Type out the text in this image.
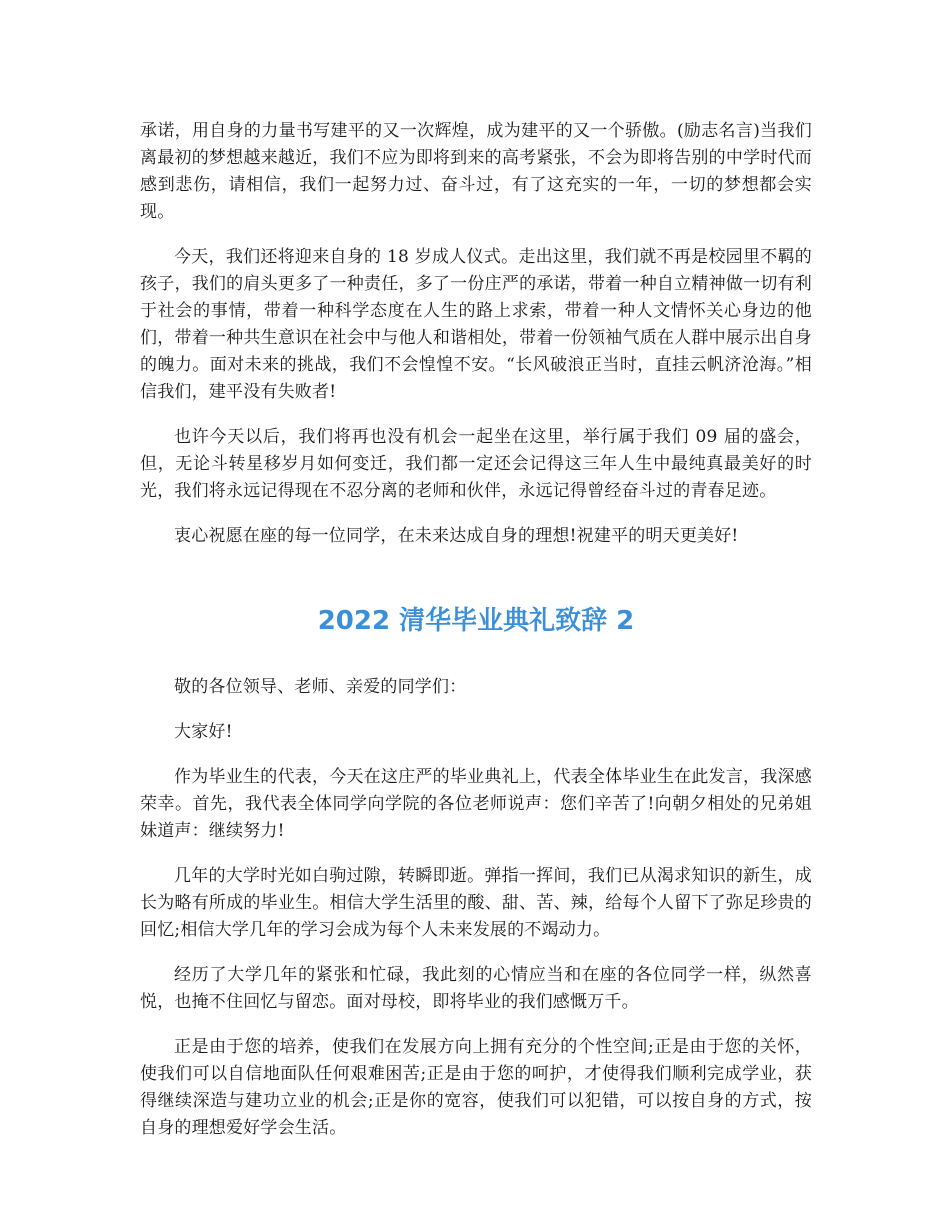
承诺，用自身的力量书写建平的又一次辉煌，成为建平的又一个骄傲。(励志名言)当我们离最初的梦想越来越近，我们不应为即将到来的高考紧张，不会为即将告别的中学时代而感到悲伤，请相信，我们一起努力过、奋斗过，有了这充实的一年，一切的梦想都会实现。

今天，我们还将迎来自身的 18 岁成人仪式。走出这里，我们就不再是校园里不羁的孩子，我们的肩头更多了一种责任，多了一份庄严的承诺，带着一种自立精神做一切有利于社会的事情，带着一种科学态度在人生的路上求索，带着一种人文情怀关心身边的他们，带着一种共生意识在社会中与他人和谐相处，带着一份领袖气质在人群中展示出自身的魄力。面对未来的挑战，我们不会惶惶不安。“长风破浪正当时，直挂云帆济沧海。”相信我们，建平没有失败者!

也许今天以后，我们将再也没有机会一起坐在这里，举行属于我们 09 届的盛会，但，无论斗转星移岁月如何变迁，我们都一定还会记得这三年人生中最纯真最美好的时光，我们将永远记得现在不忍分离的老师和伙伴，永远记得曾经奋斗过的青春足迹。

衷心祝愿在座的每一位同学，在未来达成自身的理想!祝建平的明天更美好!

2022 清华毕业典礼致辞 2

敬的各位领导、老师、亲爱的同学们：

大家好!

作为毕业生的代表，今天在这庄严的毕业典礼上，代表全体毕业生在此发言，我深感荣幸。首先，我代表全体同学向学院的各位老师说声：您们辛苦了!向朝夕相处的兄弟姐妹道声：继续努力!

几年的大学时光如白驹过隙，转瞬即逝。弹指一挥间，我们已从渴求知识的新生，成长为略有所成的毕业生。相信大学生活里的酸、甜、苦、辣，给每个人留下了弥足珍贵的回忆;相信大学几年的学习会成为每个人未来发展的不竭动力。

经历了大学几年的紧张和忙碌，我此刻的心情应当和在座的各位同学一样，纵然喜悦，也掩不住回忆与留恋。面对母校，即将毕业的我们感慨万千。

正是由于您的培养，使我们在发展方向上拥有充分的个性空间;正是由于您的关怀，使我们可以自信地面队任何艰难困苦;正是由于您的呵护，才使得我们顺利完成学业，获得继续深造与建功立业的机会;正是你的宽容，使我们可以犯错，可以按自身的方式，按自身的理想爱好学会生活。
